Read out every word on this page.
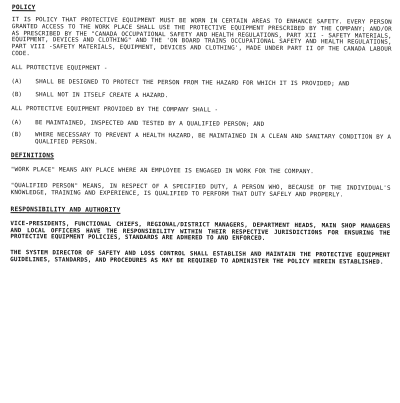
POLICY

IT IS POLICY THAT PROTECTIVE EQUIPMENT MUST BE WORN IN CERTAIN AREAS TO ENHANCE SAFETY. EVERY PERSON GRANTED ACCESS TO THE WORK PLACE SHALL USE THE PROTECTIVE EQUIPMENT PRESCRIBED BY THE COMPANY; AND/OR AS PRESCRIBED BY THE "CANADA OCCUPATIONAL SAFETY AND HEALTH REGULATIONS, PART XII - SAFETY MATERIALS, EQUIPMENT, DEVICES AND CLOTHING" AND THE 'ON BOARD TRAINS OCCUPATIONAL SAFETY AND HEALTH REGULATIONS, PART VIII -SAFETY MATERIALS, EQUIPMENT, DEVICES AND CLOTHING', MADE UNDER PART II OF THE CANADA LABOUR CODE.

ALL PROTECTIVE EQUIPMENT -

(A)	SHALL BE DESIGNED TO PROTECT THE PERSON FROM THE HAZARD FOR WHICH IT IS PROVIDED; AND

(B)	SHALL NOT IN ITSELF CREATE A HAZARD.

ALL PROTECTIVE EQUIPMENT PROVIDED BY THE COMPANY SHALL -

(A)	BE MAINTAINED, INSPECTED AND TESTED BY A QUALIFIED PERSON; AND

(B)	WHERE NECESSARY TO PREVENT A HEALTH HAZARD, BE MAINTAINED IN A CLEAN AND SANITARY CONDITION BY A QUALIFIED PERSON.

DEFINITIONS

"WORK PLACE" MEANS ANY PLACE WHERE AN EMPLOYEE IS ENGAGED IN WORK FOR THE COMPANY.

"QUALIFIED PERSON" MEANS, IN RESPECT OF A SPECIFIED DUTY, A PERSON WHO, BECAUSE OF THE INDIVIDUAL'S KNOWLEDGE, TRAINING AND EXPERIENCE, IS QUALIFIED TO PERFORM THAT DUTY SAFELY AND PROPERLY.

RESPONSIBILITY AND AUTHORITY

VICE-PRESIDENTS, FUNCTIONAL CHIEFS, REGIONAL/DISTRICT MANAGERS, DEPARTMENT HEADS, MAIN SHOP MANAGERS AND LOCAL OFFICERS HAVE THE RESPONSIBILITY WITHIN THEIR RESPECTIVE JURISDICTIONS FOR ENSURING THE PROTECTIVE EQUIPMENT POLICIES, STANDARDS ARE ADHERED TO AND ENFORCED.

THE SYSTEM DIRECTOR OF SAFETY AND LOSS CONTROL SHALL ESTABLISH AND MAINTAIN THE PROTECTIVE EQUIPMENT GUIDELINES, STANDARDS, AND PROCEDURES AS MAY BE REQUIRED TO ADMINISTER THE POLICY HEREIN ESTABLISHED.
